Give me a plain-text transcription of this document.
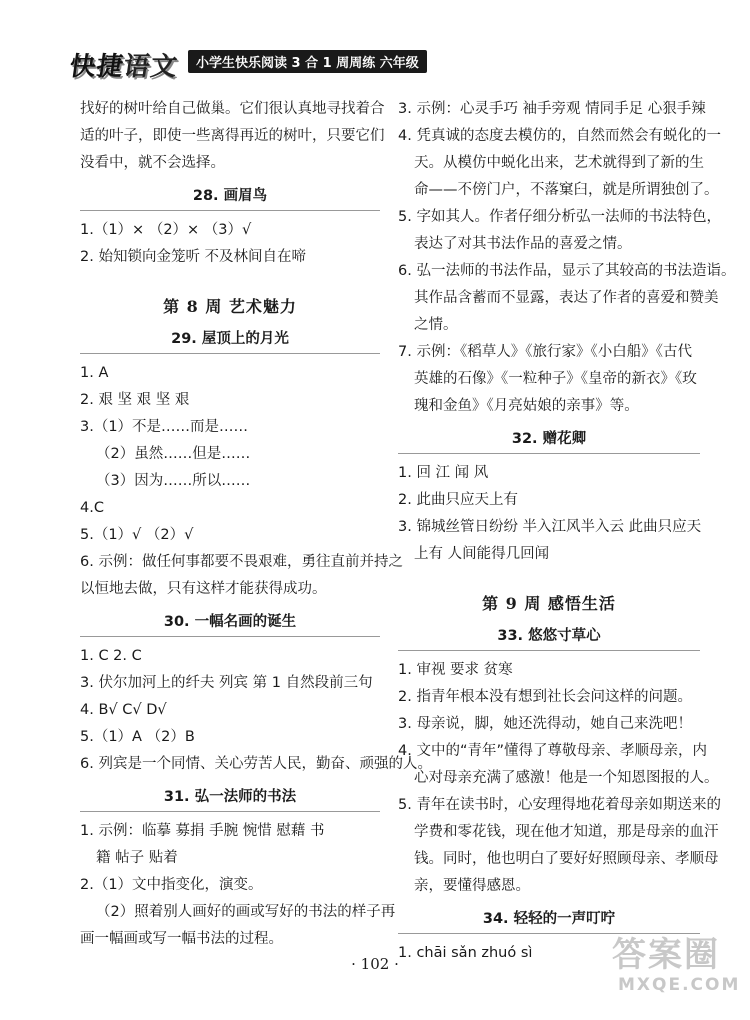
快捷语文	小学生快乐阅读 3 合 1 周周练 六年级
找好的树叶给自己做巢。它们很认真地寻找着合
适的叶子，即使一些离得再近的树叶，只要它们
没看中，就不会选择。
28. 画眉鸟
1.（1）× （2）× （3）√
2. 始知锁向金笼听 不及林间自在啼
第 8 周 艺术魅力
29. 屋顶上的月光
1. A
2. 艰 坚 艰 坚 艰
3.（1）不是……而是……
（2）虽然……但是……
（3）因为……所以……
4.C
5.（1）√ （2）√
6. 示例：做任何事都要不畏艰难，勇往直前并持之
以恒地去做，只有这样才能获得成功。
30. 一幅名画的诞生
1. C 2. C
3. 伏尔加河上的纤夫 列宾 第 1 自然段前三句
4. B√ C√ D√
5.（1）A （2）B
6. 列宾是一个同情、关心劳苦人民，勤奋、顽强的人。
31. 弘一法师的书法
1. 示例：临摹 募捐 手腕 惋惜 慰藉 书
籍 帖子 贴着
2.（1）文中指变化，演变。
（2）照着别人画好的画或写好的书法的样子再
画一幅画或写一幅书法的过程。
3. 示例：心灵手巧 袖手旁观 情同手足 心狠手辣
4. 凭真诚的态度去模仿的，自然而然会有蜕化的一
天。从模仿中蜕化出来，艺术就得到了新的生
命——不傍门户，不落窠臼，就是所谓独创了。
5. 字如其人。作者仔细分析弘一法师的书法特色，
表达了对其书法作品的喜爱之情。
6. 弘一法师的书法作品，显示了其较高的书法造诣。
其作品含蓄而不显露，表达了作者的喜爱和赞美
之情。
7. 示例：《稻草人》《旅行家》《小白船》《古代
英雄的石像》《一粒种子》《皇帝的新衣》《玫
瑰和金鱼》《月亮姑娘的亲事》等。
32. 赠花卿
1. 回 江 闻 风
2. 此曲只应天上有
3. 锦城丝管日纷纷 半入江风半入云 此曲只应天
上有 人间能得几回闻
第 9 周 感悟生活
33. 悠悠寸草心
1. 审视 要求 贫寒
2. 指青年根本没有想到社长会问这样的问题。
3. 母亲说，脚，她还洗得动，她自己来洗吧！
4. 文中的“青年”懂得了尊敬母亲、孝顺母亲，内
心对母亲充满了感激！他是一个知恩图报的人。
5. 青年在读书时，心安理得地花着母亲如期送来的
学费和零花钱，现在他才知道，那是母亲的血汗
钱。同时，他也明白了要好好照顾母亲、孝顺母
亲，要懂得感恩。
34. 轻轻的一声叮咛
1. chāi sǎn zhuó sì
· 102 ·	答案圈
MXQE.COM
